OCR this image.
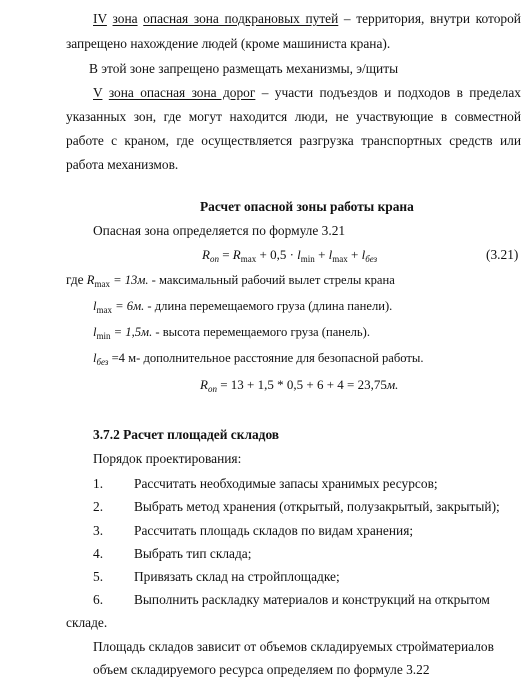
IV зона опасная зона подкрановых путей – территория, внутри которой
запрещено нахождение людей (кроме машиниста крана).
В этой зоне запрещено размещать механизмы, э/щиты
V зона опасная зона дорог – участи подъездов и подходов в пределах
указанных зон, где могут находится люди, не участвующие в совместной
работе с краном, где осуществляется разгрузка транспортных средств или
работа механизмов.
Расчет опасной зоны работы крана
Опасная зона определяется по формуле 3.21
$R_{оп} = R_{max} + 0,5 \cdot l_{min} + l_{max} + l_{без}$	(3.21)
где $R_{max} = 13м$. - максимальный рабочий вылет стрелы крана
$l_{max} = 6м$. - длина перемещаемого груза (длина панели).
$l_{min} = 1,5м$. - высота перемещаемого груза (панель).
$l_{без} =4$ м- дополнительное расстояние для безопасной работы.
$R_{оп} = 13 + 1,5 * 0,5 + 6 + 4 = 23,75м$.
3.7.2 Расчет площадей складов
Порядок проектирования:
1. Рассчитать необходимые запасы хранимых ресурсов;
2. Выбрать метод хранения (открытый, полузакрытый, закрытый);
3. Рассчитать площадь складов по видам хранения;
4. Выбрать тип склада;
5. Привязать склад на стройплощадке;
6. Выполнить раскладку материалов и конструкций на открытом
складе.
Площадь складов зависит от объемов складируемых стройматериалов
объем складируемого ресурса определяем по формуле 3.22
